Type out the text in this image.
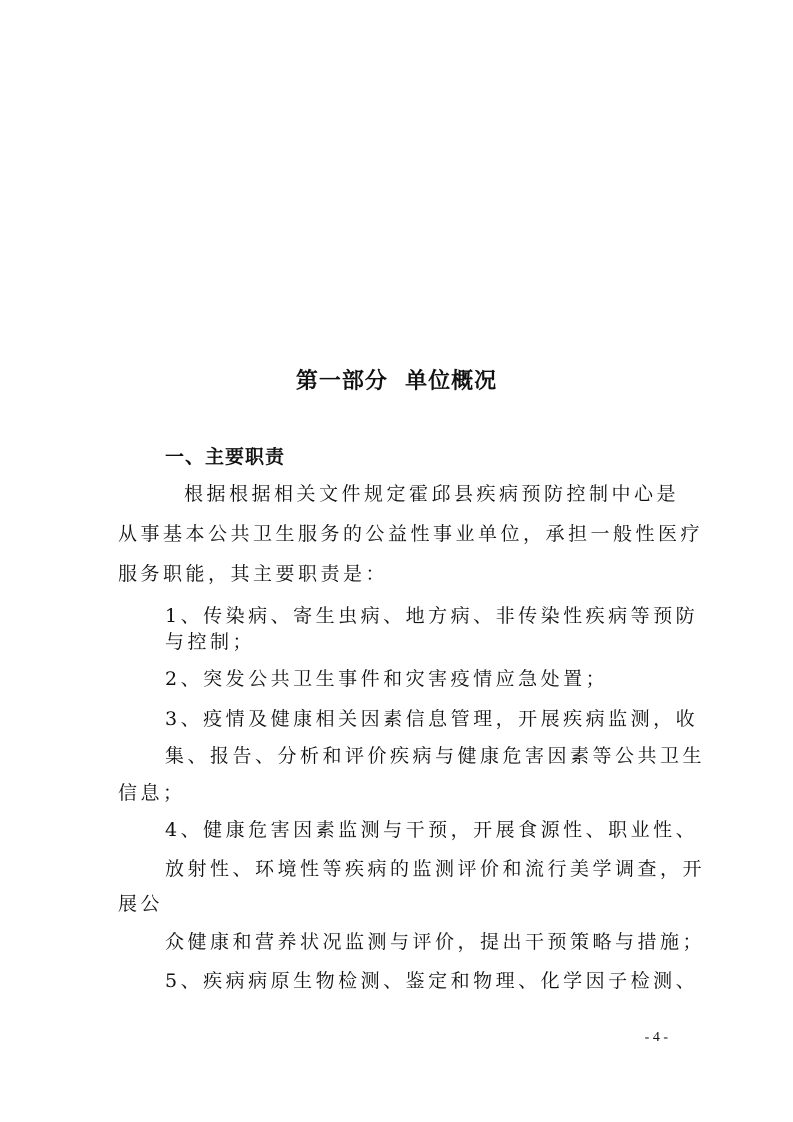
第一部分  单位概况
一、主要职责
根据根据相关文件规定霍邱县疾病预防控制中心是
从事基本公共卫生服务的公益性事业单位，承担一般性医疗
服务职能，其主要职责是：
1、传染病、寄生虫病、地方病、非传染性疾病等预防
与控制；
2、突发公共卫生事件和灾害疫情应急处置；
3、疫情及健康相关因素信息管理，开展疾病监测，收
集、报告、分析和评价疾病与健康危害因素等公共卫生
信息；
4、健康危害因素监测与干预，开展食源性、职业性、
放射性、环境性等疾病的监测评价和流行美学调查，开
展公
众健康和营养状况监测与评价，提出干预策略与措施；
5、疾病病原生物检测、鉴定和物理、化学因子检测、
- 4 -
